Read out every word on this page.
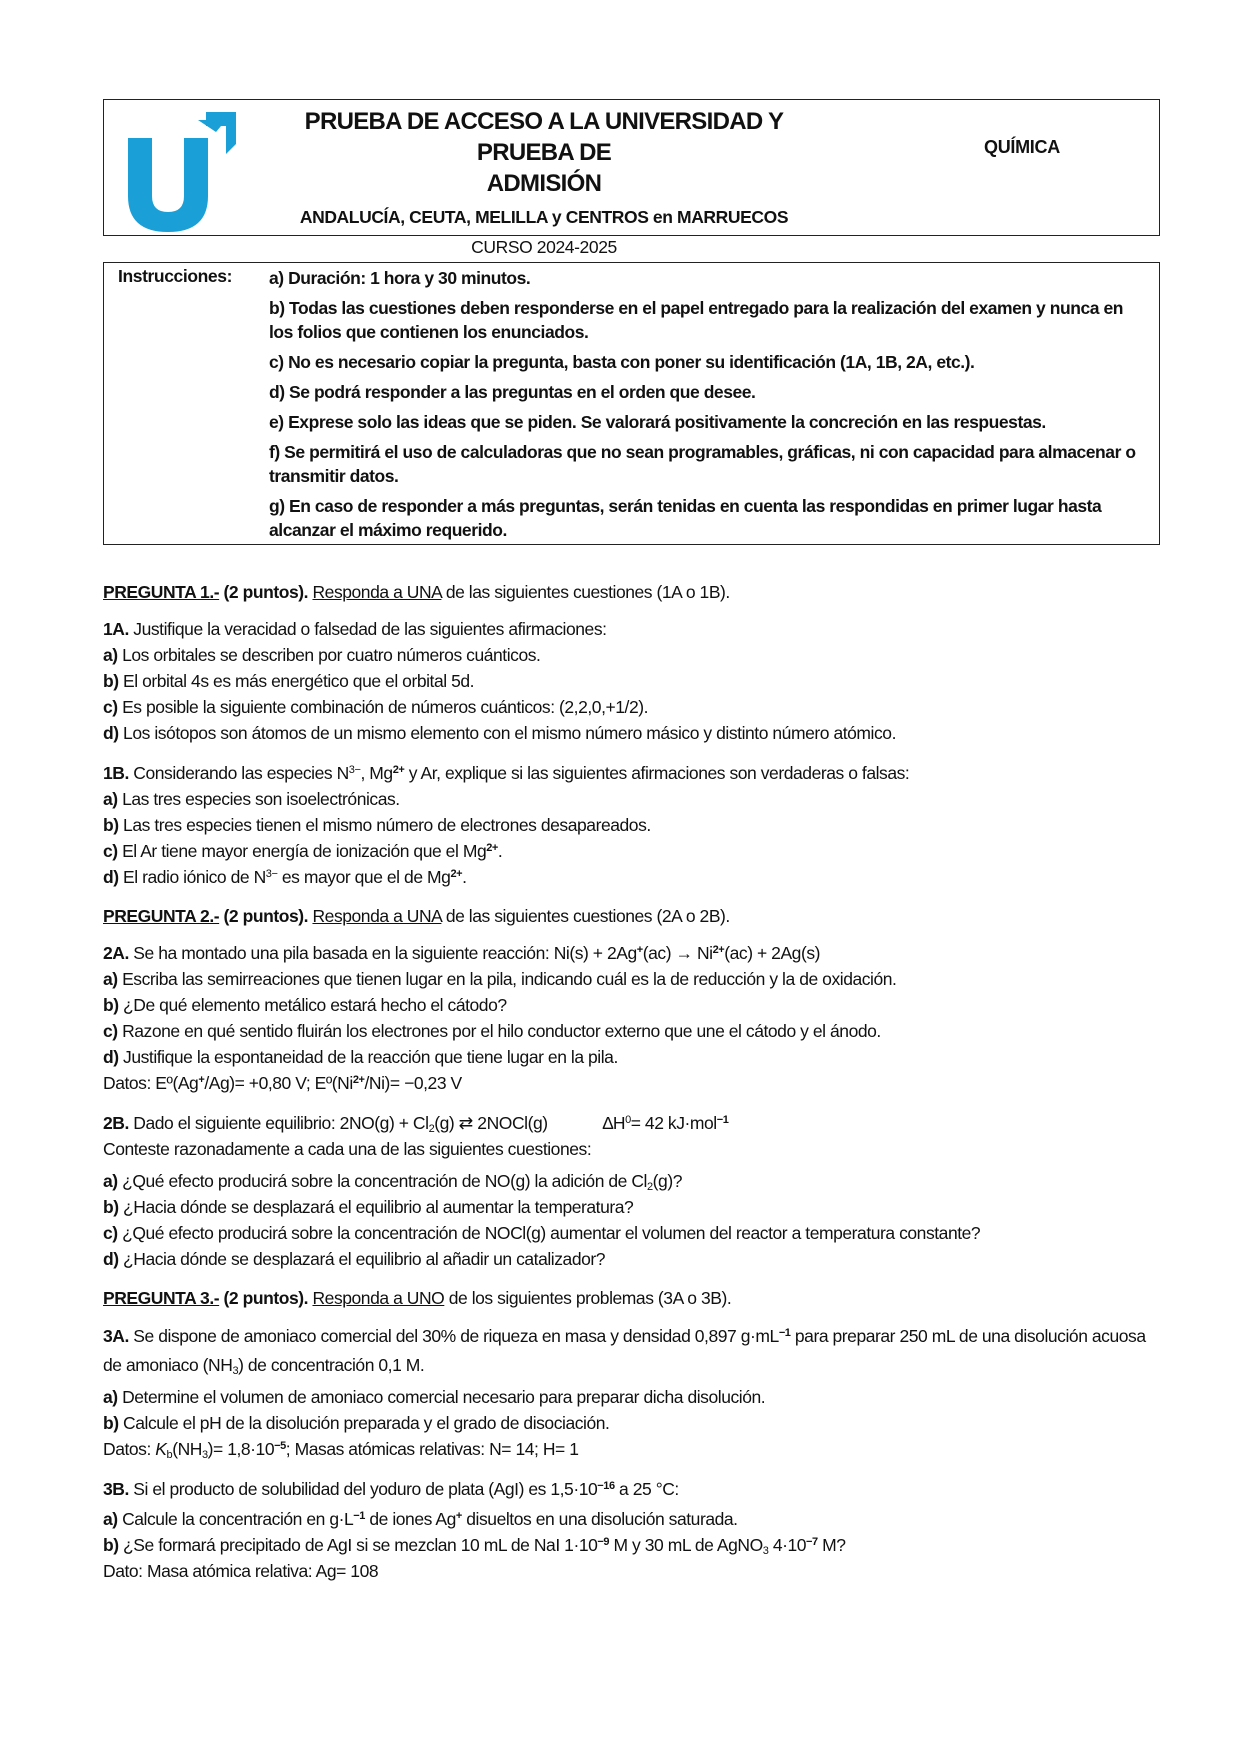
PRUEBA DE ACCESO A LA UNIVERSIDAD Y PRUEBA DE
ADMISIÓN
ANDALUCÍA, CEUTA, MELILLA y CENTROS en MARRUECOS
CURSO 2024-2025
QUÍMICA
Instrucciones: a) Duración: 1 hora y 30 minutos.
b) Todas las cuestiones deben responderse en el papel entregado para la realización del examen y nunca en los folios que contienen los enunciados.
c) No es necesario copiar la pregunta, basta con poner su identificación (1A, 1B, 2A, etc.).
d) Se podrá responder a las preguntas en el orden que desee.
e) Exprese solo las ideas que se piden. Se valorará positivamente la concreción en las respuestas.
f) Se permitirá el uso de calculadoras que no sean programables, gráficas, ni con capacidad para almacenar o transmitir datos.
g) En caso de responder a más preguntas, serán tenidas en cuenta las respondidas en primer lugar hasta alcanzar el máximo requerido.
PREGUNTA 1.- (2 puntos). Responda a UNA de las siguientes cuestiones (1A o 1B).
1A. Justifique la veracidad o falsedad de las siguientes afirmaciones:
a) Los orbitales se describen por cuatro números cuánticos.
b) El orbital 4s es más energético que el orbital 5d.
c) Es posible la siguiente combinación de números cuánticos: (2,2,0,+1/2).
d) Los isótopos son átomos de un mismo elemento con el mismo número másico y distinto número atómico.
1B. Considerando las especies $N^{3-}$, $Mg^{2+}$ y Ar, explique si las siguientes afirmaciones son verdaderas o falsas:
a) Las tres especies son isoelectrónicas.
b) Las tres especies tienen el mismo número de electrones desapareados.
c) El Ar tiene mayor energía de ionización que el $Mg^{2+}$.
d) El radio iónico de $N^{3-}$ es mayor que el de $Mg^{2+}$.
PREGUNTA 2.- (2 puntos). Responda a UNA de las siguientes cuestiones (2A o 2B).
2A. Se ha montado una pila basada en la siguiente reacción: $Ni(s) + 2Ag^+(ac) \to Ni^{2+}(ac) + 2Ag(s)$
a) Escriba las semirreaciones que tienen lugar en la pila, indicando cuál es la de reducción y la de oxidación.
b) ¿De qué elemento metálico estará hecho el cátodo?
c) Razone en qué sentido fluirán los electrones por el hilo conductor externo que une el cátodo y el ánodo.
d) Justifique la espontaneidad de la reacción que tiene lugar en la pila.
Datos: Eº(Ag+/Ag)= +0,80 V; $Eº(Ni^{2+}/Ni)= -0,23$ V
2B. Dado el siguiente equilibrio: $2NO(g) + Cl_2(g)$ ⇄ 2NOCl(g)	$\Delta H^0= 42$ kJ·mol$^{-1}$
Conteste razonadamente a cada una de las siguientes cuestiones:
a) ¿Qué efecto producirá sobre la concentración de NO(g) la adición de $Cl_2(g)$?
b) ¿Hacia dónde se desplazará el equilibrio al aumentar la temperatura?
c) ¿Qué efecto producirá sobre la concentración de NOCl(g) aumentar el volumen del reactor a temperatura constante?
d) ¿Hacia dónde se desplazará el equilibrio al añadir un catalizador?
PREGUNTA 3.- (2 puntos). Responda a UNO de los siguientes problemas (3A o 3B).
3A. Se dispone de amoniaco comercial del 30% de riqueza en masa y densidad 0,897 $g\cdot mL^{-1}$ para preparar 250 mL de una disolución acuosa de amoniaco $(NH_3)$ de concentración 0,1 M.
a) Determine el volumen de amoniaco comercial necesario para preparar dicha disolución.
b) Calcule el pH de la disolución preparada y el grado de disociación.
Datos: $K_b(NH_3)= 1,8\cdot 10^{-5}$; Masas atómicas relativas: N= 14; H= 1
3B. Si el producto de solubilidad del yoduro de plata (AgI) es $1,5\cdot 10^{-16}$ a 25 °C:
a) Calcule la concentración en $g\cdot L^{-1}$ de iones Ag+ disueltos en una disolución saturada.
b) ¿Se formará precipitado de AgI si se mezclan 10 mL de NaI $1\cdot 10^{-9}$ M y 30 mL de AgNO$_3$ $4\cdot 10^{-7}$ M?
Dato: Masa atómica relativa: Ag= 108
